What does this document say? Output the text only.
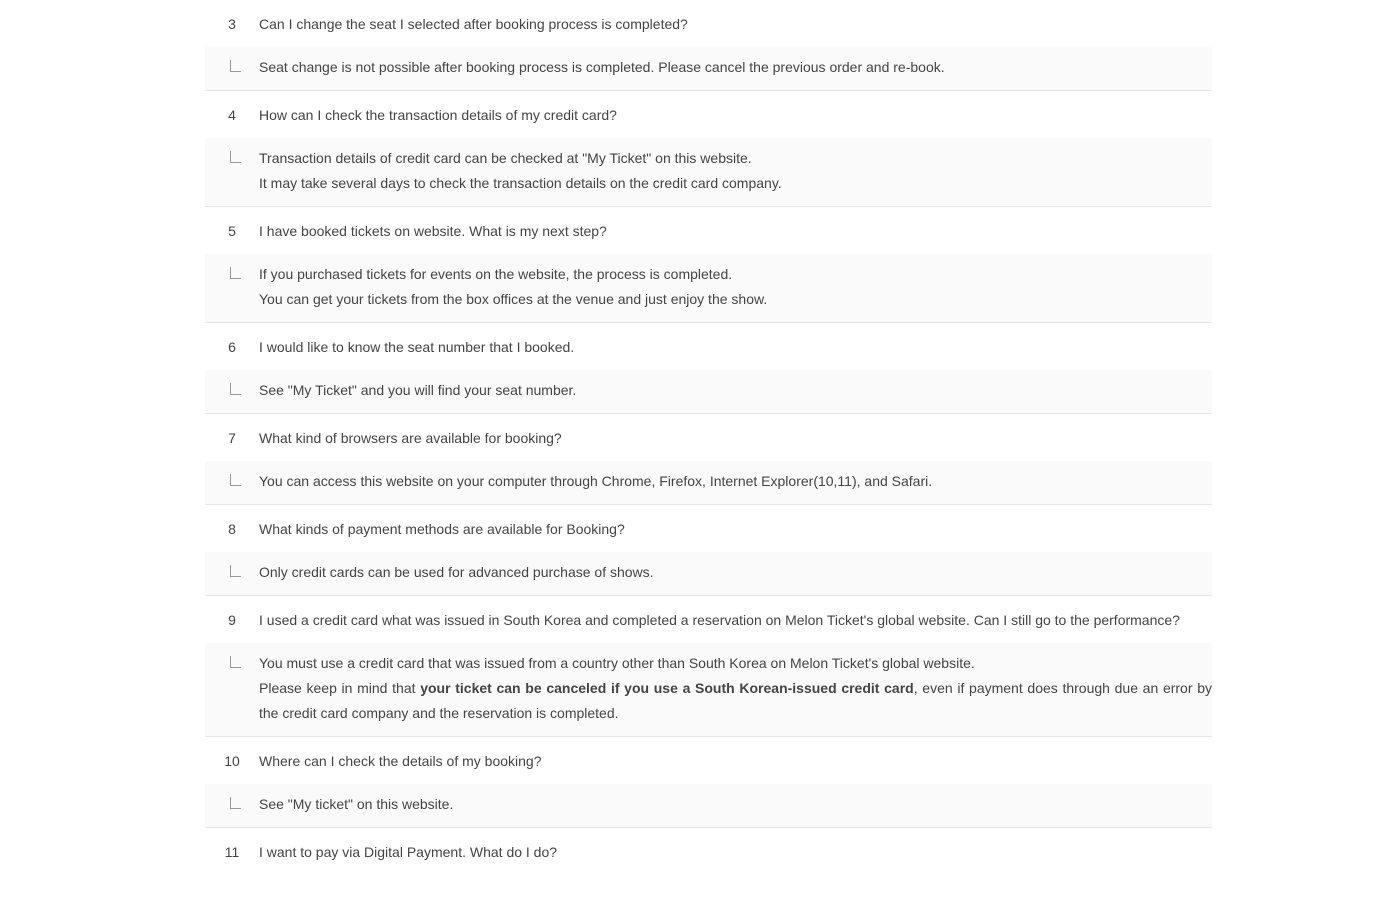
3	Can I change the seat I selected after booking process is completed?

Seat change is not possible after booking process is completed. Please cancel the previous order and re-book.

4	How can I check the transaction details of my credit card?

Transaction details of credit card can be checked at "My Ticket" on this website.

It may take several days to check the transaction details on the credit card company.

5	I have booked tickets on website. What is my next step?

If you purchased tickets for events on the website, the process is completed.

You can get your tickets from the box offices at the venue and just enjoy the show.

6	I would like to know the seat number that I booked.

See "My Ticket" and you will find your seat number.

7	What kind of browsers are available for booking?

You can access this website on your computer through Chrome, Firefox, Internet Explorer(10,11), and Safari.

8	What kinds of payment methods are available for Booking?

Only credit cards can be used for advanced purchase of shows.

9	I used a credit card what was issued in South Korea and completed a reservation on Melon Ticket's global website. Can I still go to the performance?

You must use a credit card that was issued from a country other than South Korea on Melon Ticket's global website.

Please keep in mind that your ticket can be canceled if you use a South Korean-issued credit card, even if payment does through due an error by the credit card company and the reservation is completed.

10	Where can I check the details of my booking?

See "My ticket" on this website.

11	I want to pay via Digital Payment. What do I do?
